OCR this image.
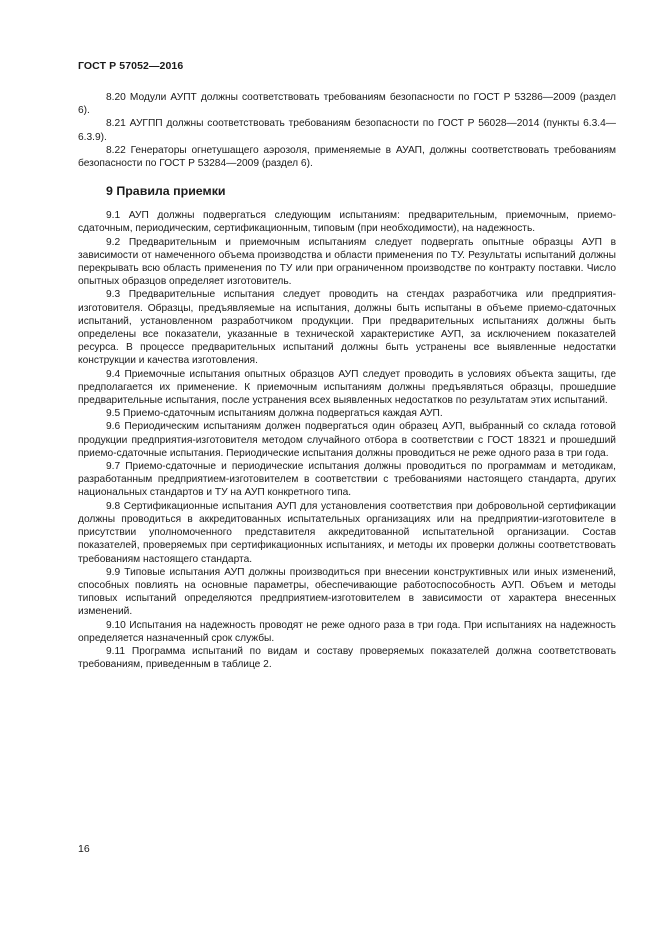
ГОСТ Р 57052—2016

8.20 Модули АУПТ должны соответствовать требованиям безопасности по ГОСТ Р 53286—2009 (раздел 6).

8.21 АУГПП должны соответствовать требованиям безопасности по ГОСТ Р 56028—2014 (пункты 6.3.4—6.3.9).

8.22 Генераторы огнетушащего аэрозоля, применяемые в АУАП, должны соответствовать требованиям безопасности по ГОСТ Р 53284—2009 (раздел 6).

9 Правила приемки

9.1 АУП должны подвергаться следующим испытаниям: предварительным, приемочным, приемо-сдаточным, периодическим, сертификационным, типовым (при необходимости), на надежность.

9.2 Предварительным и приемочным испытаниям следует подвергать опытные образцы АУП в зависимости от намеченного объема производства и области применения по ТУ. Результаты испытаний должны перекрывать всю область применения по ТУ или при ограниченном производстве по контракту поставки. Число опытных образцов определяет изготовитель.

9.3 Предварительные испытания следует проводить на стендах разработчика или предприятия-изготовителя. Образцы, предъявляемые на испытания, должны быть испытаны в объеме приемо-сдаточных испытаний, установленном разработчиком продукции. При предварительных испытаниях должны быть определены все показатели, указанные в технической характеристике АУП, за исключением показателей ресурса. В процессе предварительных испытаний должны быть устранены все выявленные недостатки конструкции и качества изготовления.

9.4 Приемочные испытания опытных образцов АУП следует проводить в условиях объекта защиты, где предполагается их применение. К приемочным испытаниям должны предъявляться образцы, прошедшие предварительные испытания, после устранения всех выявленных недостатков по результатам этих испытаний.

9.5 Приемо-сдаточным испытаниям должна подвергаться каждая АУП.

9.6 Периодическим испытаниям должен подвергаться один образец АУП, выбранный со склада готовой продукции предприятия-изготовителя методом случайного отбора в соответствии с ГОСТ 18321 и прошедший приемо-сдаточные испытания. Периодические испытания должны проводиться не реже одного раза в три года.

9.7 Приемо-сдаточные и периодические испытания должны проводиться по программам и методикам, разработанным предприятием-изготовителем в соответствии с требованиями настоящего стандарта, других национальных стандартов и ТУ на АУП конкретного типа.

9.8 Сертификационные испытания АУП для установления соответствия при добровольной сертификации должны проводиться в аккредитованных испытательных организациях или на предприятии-изготовителе в присутствии уполномоченного представителя аккредитованной испытательной организации. Состав показателей, проверяемых при сертификационных испытаниях, и методы их проверки должны соответствовать требованиям настоящего стандарта.

9.9 Типовые испытания АУП должны производиться при внесении конструктивных или иных изменений, способных повлиять на основные параметры, обеспечивающие работоспособность АУП. Объем и методы типовых испытаний определяются предприятием-изготовителем в зависимости от характера внесенных изменений.

9.10 Испытания на надежность проводят не реже одного раза в три года. При испытаниях на надежность определяется назначенный срок службы.

9.11 Программа испытаний по видам и составу проверяемых показателей должна соответствовать требованиям, приведенным в таблице 2.

16
